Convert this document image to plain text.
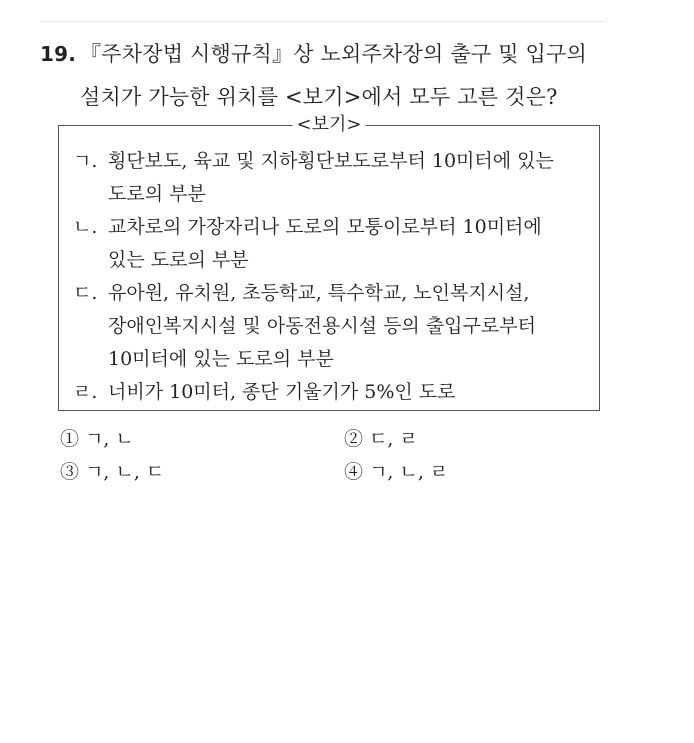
19. 『주차장법 시행규칙』상 노외주차장의 출구 및 입구의
설치가 가능한 위치를 <보기>에서 모두 고른 것은?
<보기>
ㄱ. 횡단보도, 육교 및 지하횡단보도로부터 10미터에 있는
도로의 부분
ㄴ. 교차로의 가장자리나 도로의 모퉁이로부터 10미터에
있는 도로의 부분
ㄷ. 유아원, 유치원, 초등학교, 특수학교, 노인복지시설,
장애인복지시설 및 아동전용시설 등의 출입구로부터
10미터에 있는 도로의 부분
ㄹ. 너비가 10미터, 종단 기울기가 5%인 도로
① ㄱ, ㄴ	② ㄷ, ㄹ
③ ㄱ, ㄴ, ㄷ	④ ㄱ, ㄴ, ㄹ
